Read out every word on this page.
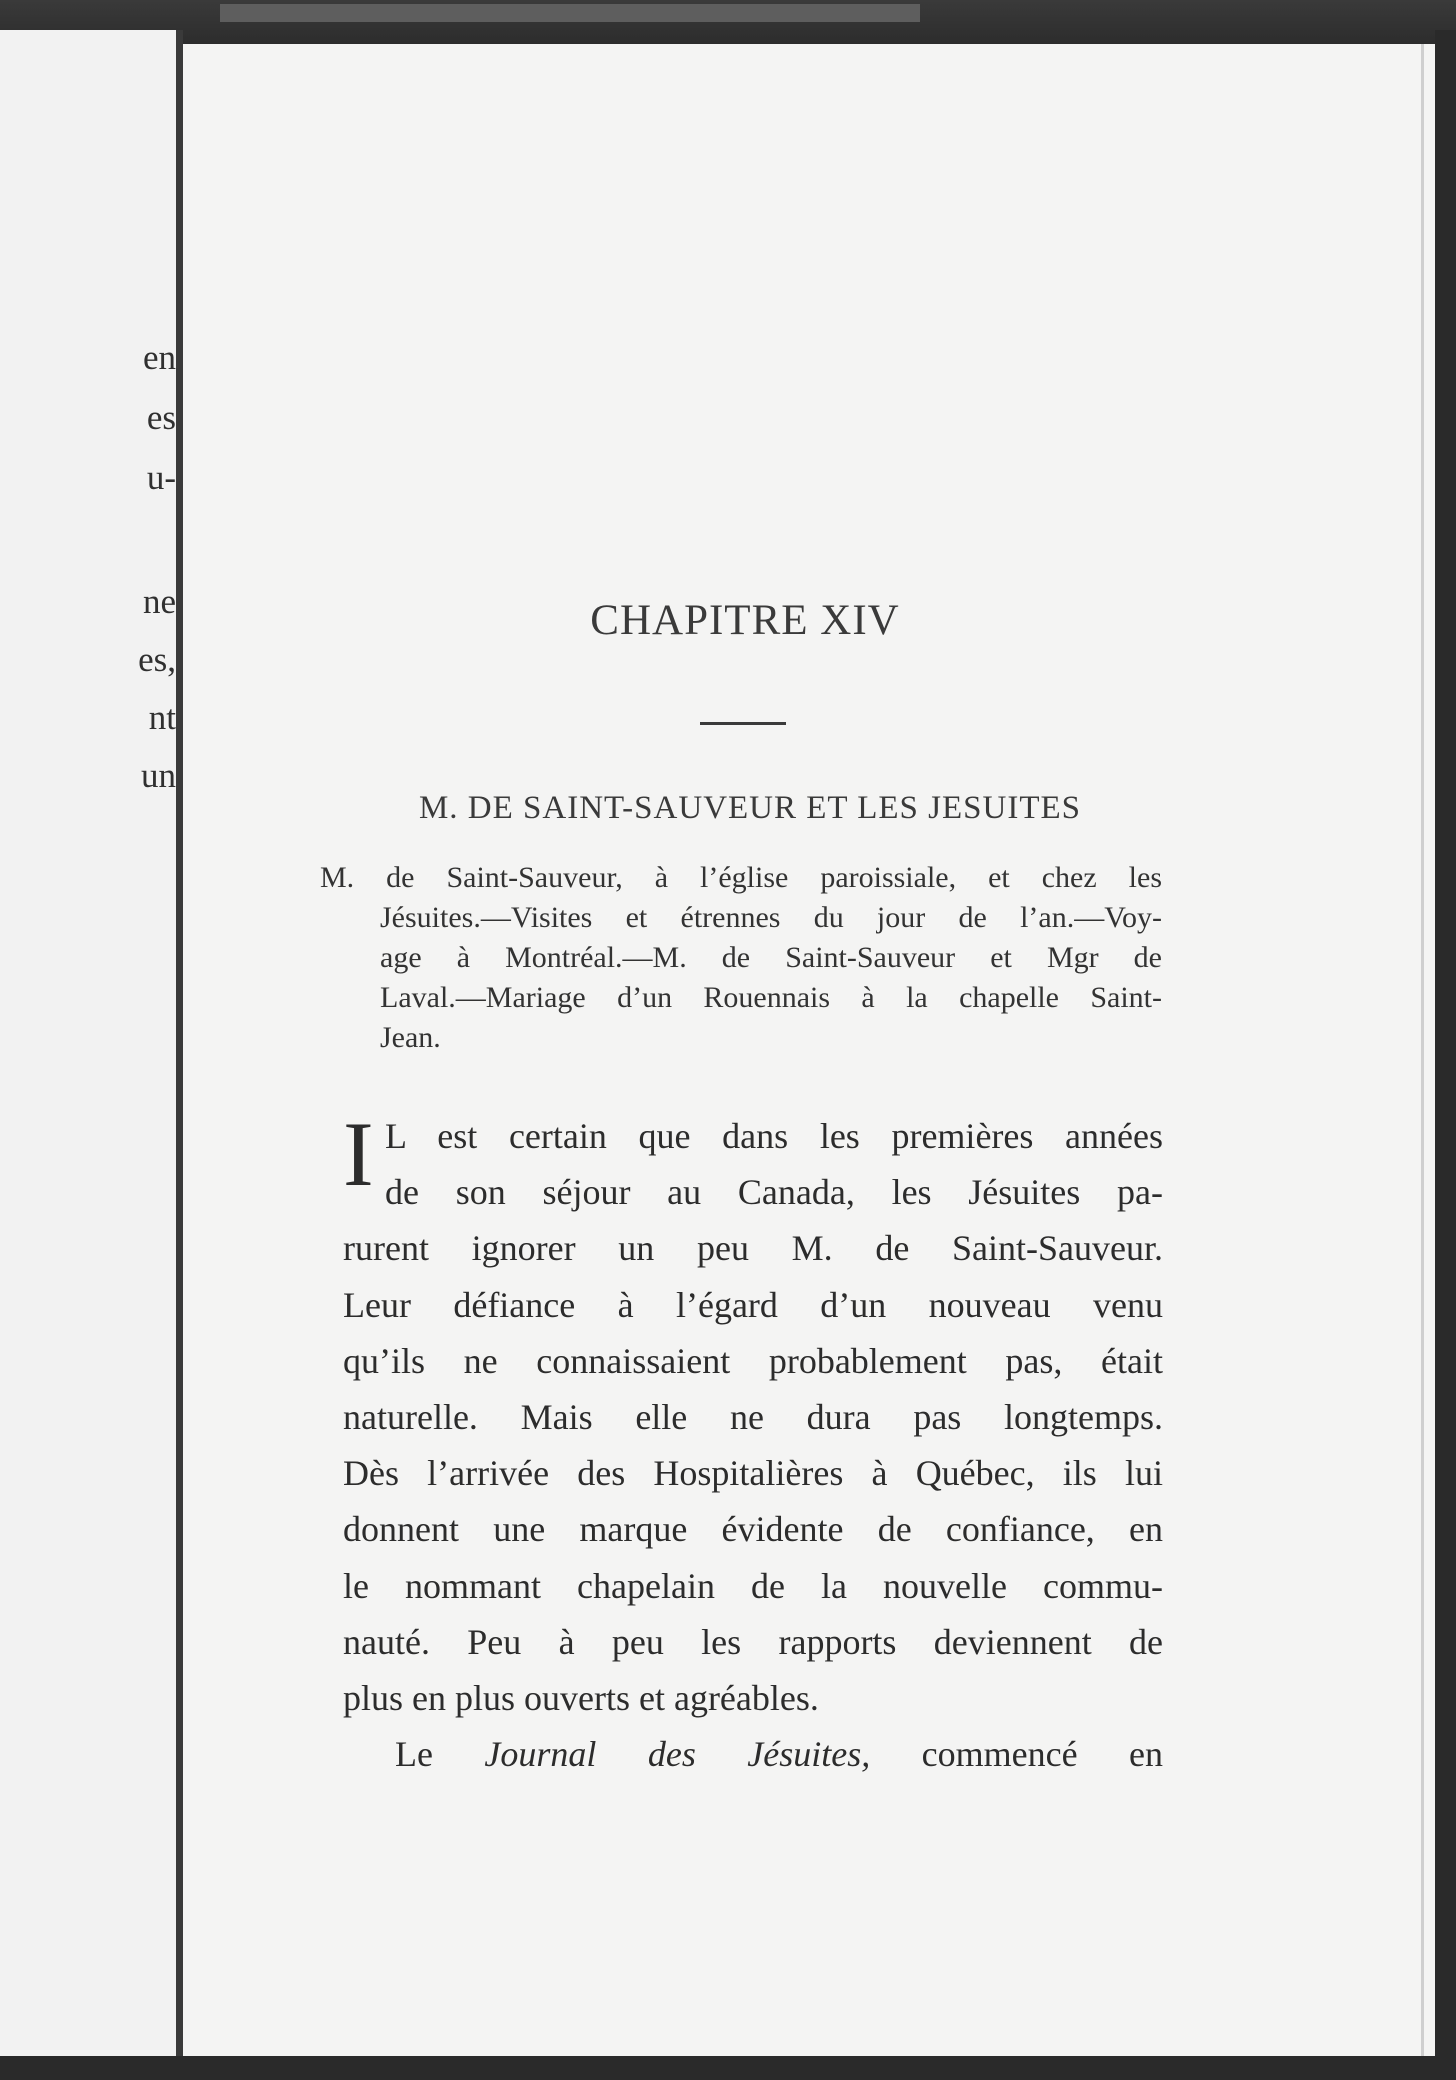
en
es
u-
ne
es,
nt
un
CHAPITRE XIV
M. DE SAINT-SAUVEUR ET LES JESUITES
M. de Saint-Sauveur, à l’église paroissiale, et chez les
Jésuites.—Visites et étrennes du jour de l’an.—Voy-
age à Montréal.—M. de Saint-Sauveur et Mgr de
Laval.—Mariage d’un Rouennais à la chapelle Saint-
Jean.
I L est certain que dans les premières années
de son séjour au Canada, les Jésuites pa-
rurent ignorer un peu M. de Saint-Sauveur.
Leur défiance à l’égard d’un nouveau venu
qu’ils ne connaissaient probablement pas, était
naturelle. Mais elle ne dura pas longtemps.
Dès l’arrivée des Hospitalières à Québec, ils lui
donnent une marque évidente de confiance, en
le nommant chapelain de la nouvelle commu-
nauté. Peu à peu les rapports deviennent de
plus en plus ouverts et agréables.
Le Journal des Jésuites, commencé en
